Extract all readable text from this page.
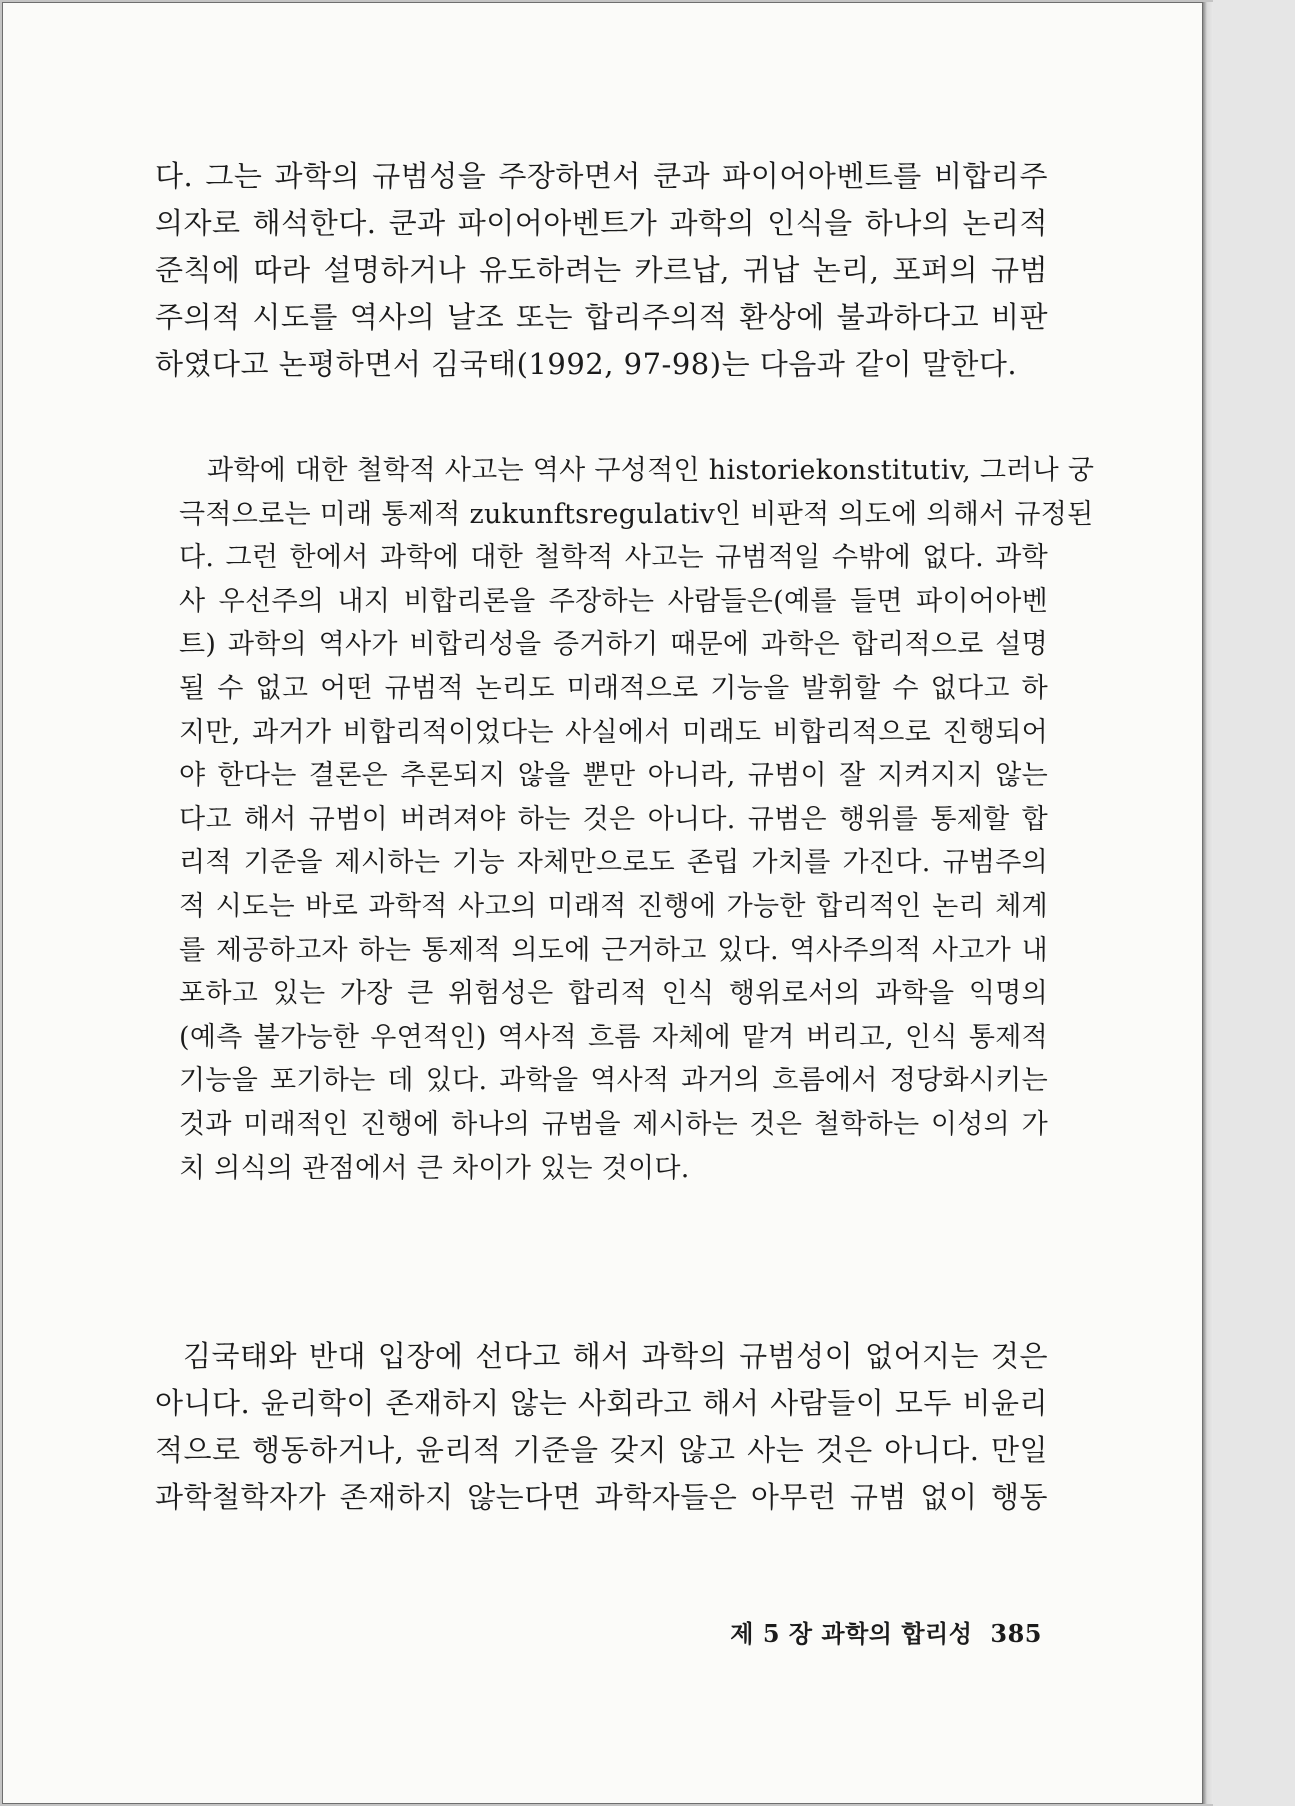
다. 그는 과학의 규범성을 주장하면서 쿤과 파이어아벤트를 비합리주
의자로 해석한다. 쿤과 파이어아벤트가 과학의 인식을 하나의 논리적
준칙에 따라 설명하거나 유도하려는 카르납, 귀납 논리, 포퍼의 규범
주의적 시도를 역사의 날조 또는 합리주의적 환상에 불과하다고 비판
하였다고 논평하면서 김국태(1992, 97-98)는 다음과 같이 말한다.
과학에 대한 철학적 사고는 역사 구성적인 historiekonstitutiv, 그러나 궁
극적으로는 미래 통제적 zukunftsregulativ인 비판적 의도에 의해서 규정된
다. 그런 한에서 과학에 대한 철학적 사고는 규범적일 수밖에 없다. 과학
사 우선주의 내지 비합리론을 주장하는 사람들은(예를 들면 파이어아벤
트) 과학의 역사가 비합리성을 증거하기 때문에 과학은 합리적으로 설명
될 수 없고 어떤 규범적 논리도 미래적으로 기능을 발휘할 수 없다고 하
지만, 과거가 비합리적이었다는 사실에서 미래도 비합리적으로 진행되어
야 한다는 결론은 추론되지 않을 뿐만 아니라, 규범이 잘 지켜지지 않는
다고 해서 규범이 버려져야 하는 것은 아니다. 규범은 행위를 통제할 합
리적 기준을 제시하는 기능 자체만으로도 존립 가치를 가진다. 규범주의
적 시도는 바로 과학적 사고의 미래적 진행에 가능한 합리적인 논리 체계
를 제공하고자 하는 통제적 의도에 근거하고 있다. 역사주의적 사고가 내
포하고 있는 가장 큰 위험성은 합리적 인식 행위로서의 과학을 익명의
(예측 불가능한 우연적인) 역사적 흐름 자체에 맡겨 버리고, 인식 통제적
기능을 포기하는 데 있다. 과학을 역사적 과거의 흐름에서 정당화시키는
것과 미래적인 진행에 하나의 규범을 제시하는 것은 철학하는 이성의 가
치 의식의 관점에서 큰 차이가 있는 것이다.
김국태와 반대 입장에 선다고 해서 과학의 규범성이 없어지는 것은
아니다. 윤리학이 존재하지 않는 사회라고 해서 사람들이 모두 비윤리
적으로 행동하거나, 윤리적 기준을 갖지 않고 사는 것은 아니다. 만일
과학철학자가 존재하지 않는다면 과학자들은 아무런 규범 없이 행동
제 5 장 과학의 합리성 385
